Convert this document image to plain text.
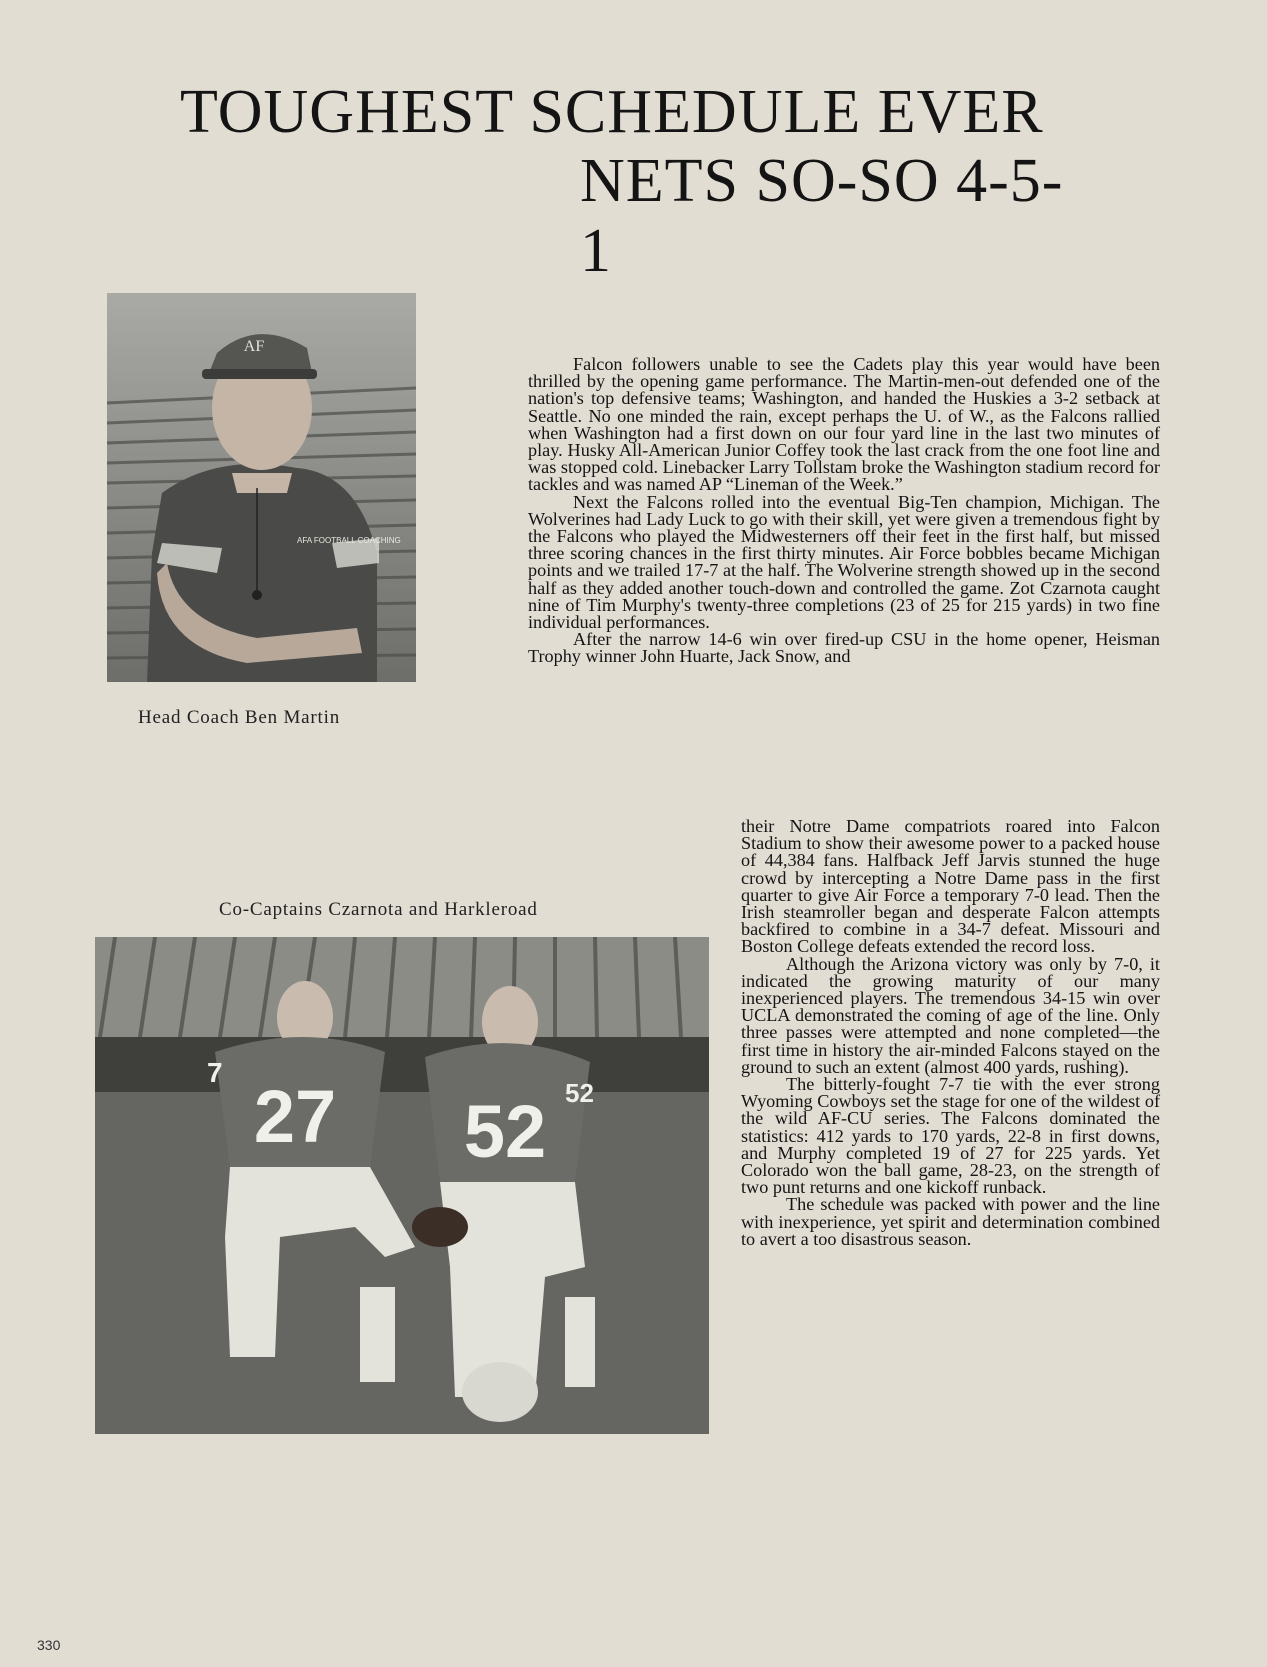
TOUGHEST SCHEDULE EVER
NETS SO-SO 4-5-1
AF
AFA FOOTBALL COACHING
Head Coach Ben Martin
Co-Captains Czarnota and Harkleroad
27
7
52 52

Falcon followers unable to see the Cadets play this year would have been thrilled by the opening game performance. The Martin-men-out defended one of the nation's top defensive teams; Washington, and handed the Huskies a 3-2 setback at Seattle. No one minded the rain, except perhaps the U. of W., as the Falcons rallied when Washington had a first down on our four yard line in the last two minutes of play. Husky All-American Junior Coffey took the last crack from the one foot line and was stopped cold. Linebacker Larry Tollstam broke the Washington stadium record for tackles and was named AP “Lineman of the Week.”

Next the Falcons rolled into the eventual Big-Ten champion, Michigan. The Wolverines had Lady Luck to go with their skill, yet were given a tremendous fight by the Falcons who played the Midwesterners off their feet in the first half, but missed three scoring chances in the first thirty minutes. Air Force bobbles became Michigan points and we trailed 17-7 at the half. The Wolverine strength showed up in the second half as they added another touch-down and controlled the game. Zot Czarnota caught nine of Tim Murphy's twenty-three completions (23 of 25 for 215 yards) in two fine individual performances.

After the narrow 14-6 win over fired-up CSU in the home opener, Heisman Trophy winner John Huarte, Jack Snow, and

their Notre Dame compatriots roared into Falcon Stadium to show their awesome power to a packed house of 44,384 fans. Halfback Jeff Jarvis stunned the huge crowd by intercepting a Notre Dame pass in the first quarter to give Air Force a temporary 7-0 lead. Then the Irish steamroller began and desperate Falcon attempts backfired to combine in a 34-7 defeat. Missouri and Boston College defeats extended the record loss.

Although the Arizona victory was only by 7-0, it indicated the growing maturity of our many inexperienced players. The tremendous 34-15 win over UCLA demonstrated the coming of age of the line. Only three passes were attempted and none completed—the first time in history the air-minded Falcons stayed on the ground to such an extent (almost 400 yards, rushing).

The bitterly-fought 7-7 tie with the ever strong Wyoming Cowboys set the stage for one of the wildest of the wild AF-CU series. The Falcons dominated the statistics: 412 yards to 170 yards, 22-8 in first downs, and Murphy completed 19 of 27 for 225 yards. Yet Colorado won the ball game, 28-23, on the strength of two punt returns and one kickoff runback.

The schedule was packed with power and the line with inexperience, yet spirit and determination combined to avert a too disastrous season.

330
